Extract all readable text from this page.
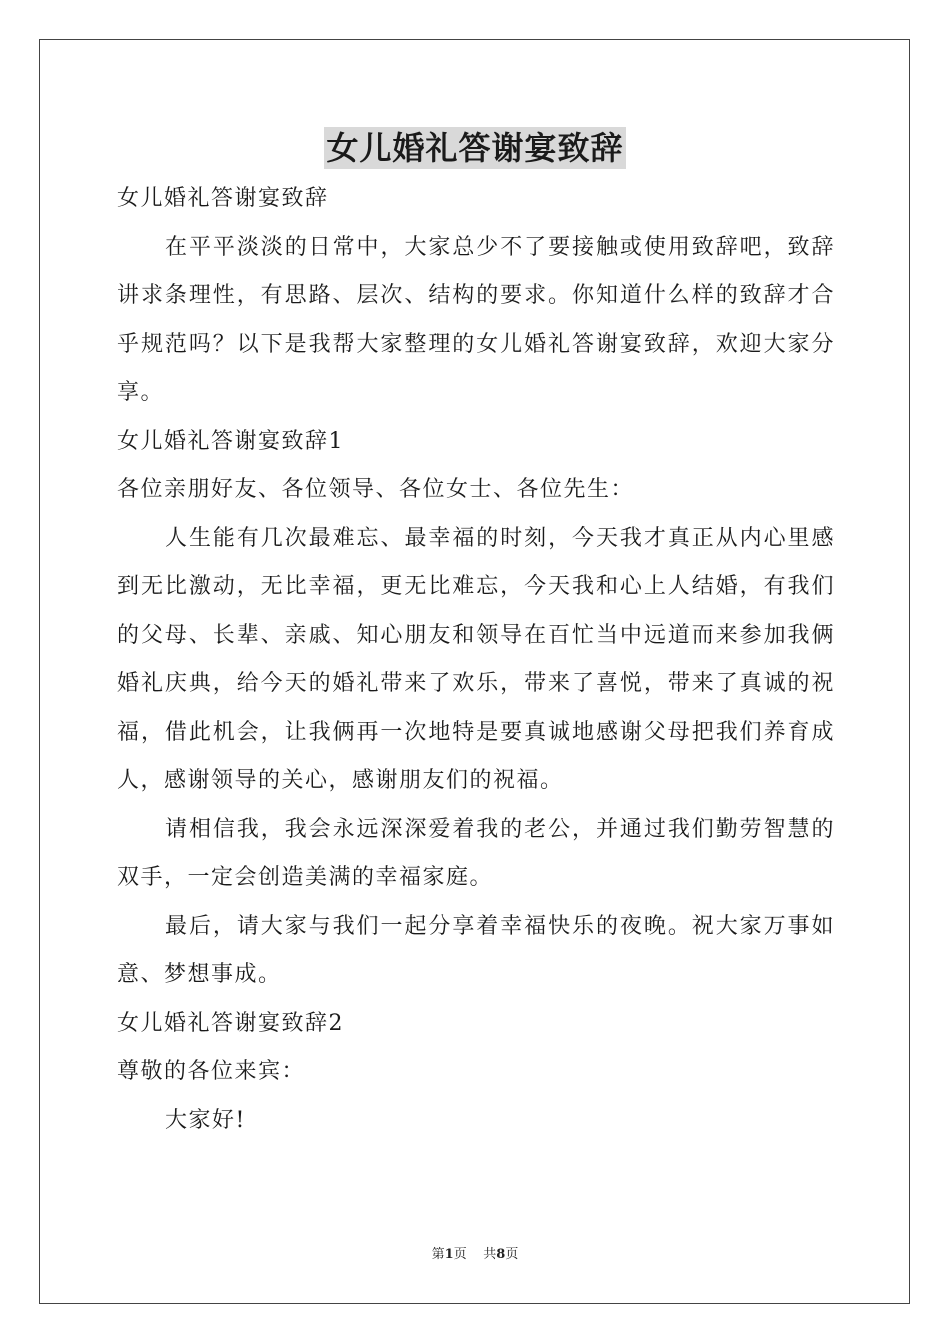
女儿婚礼答谢宴致辞

女儿婚礼答谢宴致辞

在平平淡淡的日常中，大家总少不了要接触或使用致辞吧，致辞讲求条理性，有思路、层次、结构的要求。你知道什么样的致辞才合乎规范吗？以下是我帮大家整理的女儿婚礼答谢宴致辞，欢迎大家分享。

女儿婚礼答谢宴致辞1

各位亲朋好友、各位领导、各位女士、各位先生：

人生能有几次最难忘、最幸福的时刻，今天我才真正从内心里感到无比激动，无比幸福，更无比难忘，今天我和心上人结婚，有我们的父母、长辈、亲戚、知心朋友和领导在百忙当中远道而来参加我俩婚礼庆典，给今天的婚礼带来了欢乐，带来了喜悦，带来了真诚的祝福，借此机会，让我俩再一次地特是要真诚地感谢父母把我们养育成人，感谢领导的关心，感谢朋友们的祝福。

请相信我，我会永远深深爱着我的老公，并通过我们勤劳智慧的双手，一定会创造美满的幸福家庭。

最后，请大家与我们一起分享着幸福快乐的夜晚。祝大家万事如意、梦想事成。

女儿婚礼答谢宴致辞2

尊敬的各位来宾：

大家好!

第1页 共8页
